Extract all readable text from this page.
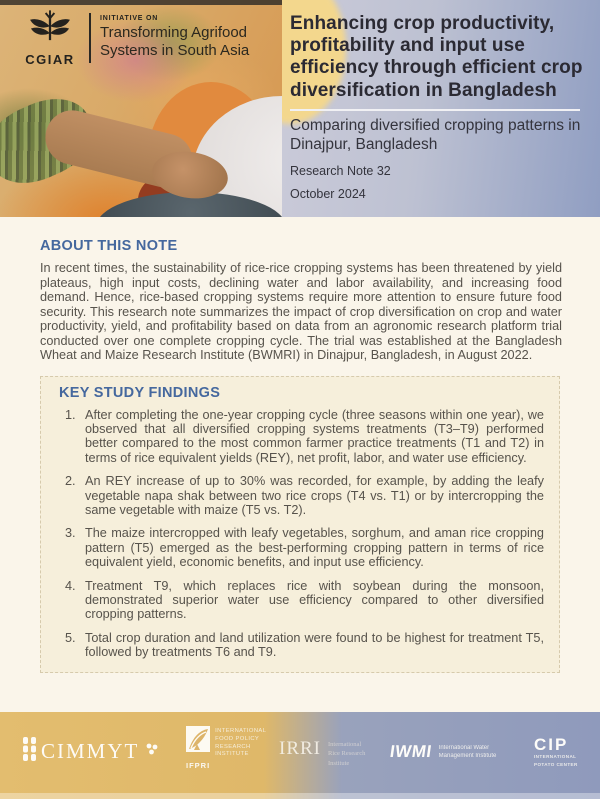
CGIAR
INITIATIVE ON
Transforming Agrifood
Systems in South Asia
Enhancing crop productivity, profitability and input use efficiency through efficient crop diversification in Bangladesh
Comparing diversified cropping patterns in Dinajpur, Bangladesh
Research Note 32
October 2024
ABOUT THIS NOTE
In recent times, the sustainability of rice-rice cropping systems has been threatened by yield plateaus, high input costs, declining water and labor availability, and increasing food demand. Hence, rice-based cropping systems require more attention to ensure future food security. This research note summarizes the impact of crop diversification on crop and water productivity, yield, and profitability based on data from an agronomic research platform trial conducted over one complete cropping cycle. The trial was established at the Bangladesh Wheat and Maize Research Institute (BWMRI) in Dinajpur, Bangladesh, in August 2022.
KEY STUDY FINDINGS
1. After completing the one-year cropping cycle (three seasons within one year), we observed that all diversified cropping systems treatments (T3–T9) performed better compared to the most common farmer practice treatments (T1 and T2) in terms of rice equivalent yields (REY), net profit, labor, and water use efficiency.
2. An REY increase of up to 30% was recorded, for example, by adding the leafy vegetable napa shak between two rice crops (T4 vs. T1) or by intercropping the same vegetable with maize (T5 vs. T2).
3. The maize intercropped with leafy vegetables, sorghum, and aman rice cropping pattern (T5) emerged as the best-performing cropping pattern in terms of rice equivalent yield, economic benefits, and input use efficiency.
4. Treatment T9, which replaces rice with soybean during the monsoon, demonstrated superior water use efficiency compared to other diversified cropping patterns.
5. Total crop duration and land utilization were found to be highest for treatment T5, followed by treatments T6 and T9.
CIMMYT
IFPRI
INTERNATIONAL
FOOD POLICY
RESEARCH
INSTITUTE	IRRI International
Rice Research
Institute
IWMI International Water
Management Institute
CIP
INTERNATIONAL
POTATO CENTER
